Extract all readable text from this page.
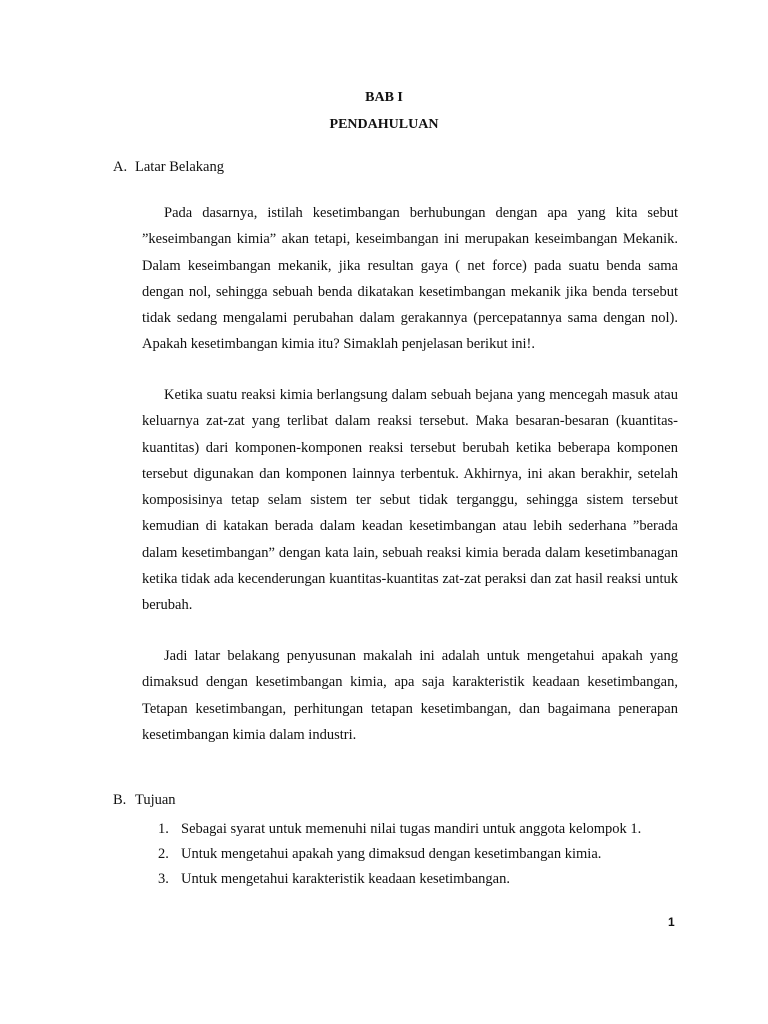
BAB I
PENDAHULUAN
A. Latar Belakang

Pada dasarnya, istilah kesetimbangan berhubungan dengan apa yang kita sebut ”keseimbangan kimia” akan tetapi, keseimbangan ini merupakan keseimbangan Mekanik. Dalam keseimbangan mekanik, jika resultan gaya ( net force) pada suatu benda sama dengan nol, sehingga sebuah benda dikatakan kesetimbangan mekanik jika benda tersebut tidak sedang mengalami perubahan dalam gerakannya (percepatannya sama dengan nol). Apakah kesetimbangan kimia itu? Simaklah penjelasan berikut ini!.

Ketika suatu reaksi kimia berlangsung dalam sebuah bejana yang mencegah masuk atau keluarnya zat-zat yang terlibat dalam reaksi tersebut. Maka besaran-besaran (kuantitas-kuantitas) dari komponen-komponen reaksi tersebut berubah ketika beberapa komponen tersebut digunakan dan komponen lainnya terbentuk. Akhirnya, ini akan berakhir, setelah komposisinya tetap selam sistem ter sebut tidak terganggu, sehingga sistem tersebut kemudian di katakan berada dalam keadan kesetimbangan atau lebih sederhana ”berada dalam kesetimbangan” dengan kata lain, sebuah reaksi kimia berada dalam kesetimbanagan ketika tidak ada kecenderungan kuantitas-kuantitas zat-zat peraksi dan zat hasil reaksi untuk berubah.

Jadi latar belakang penyusunan makalah ini adalah untuk mengetahui apakah yang dimaksud dengan kesetimbangan kimia, apa saja karakteristik keadaan kesetimbangan, Tetapan kesetimbangan, perhitungan tetapan kesetimbangan, dan bagaimana penerapan kesetimbangan kimia dalam industri.

B. Tujuan
1. Sebagai syarat untuk memenuhi nilai tugas mandiri untuk anggota kelompok 1.
2. Untuk mengetahui apakah yang dimaksud dengan kesetimbangan kimia.
3. Untuk mengetahui karakteristik keadaan kesetimbangan.
1
